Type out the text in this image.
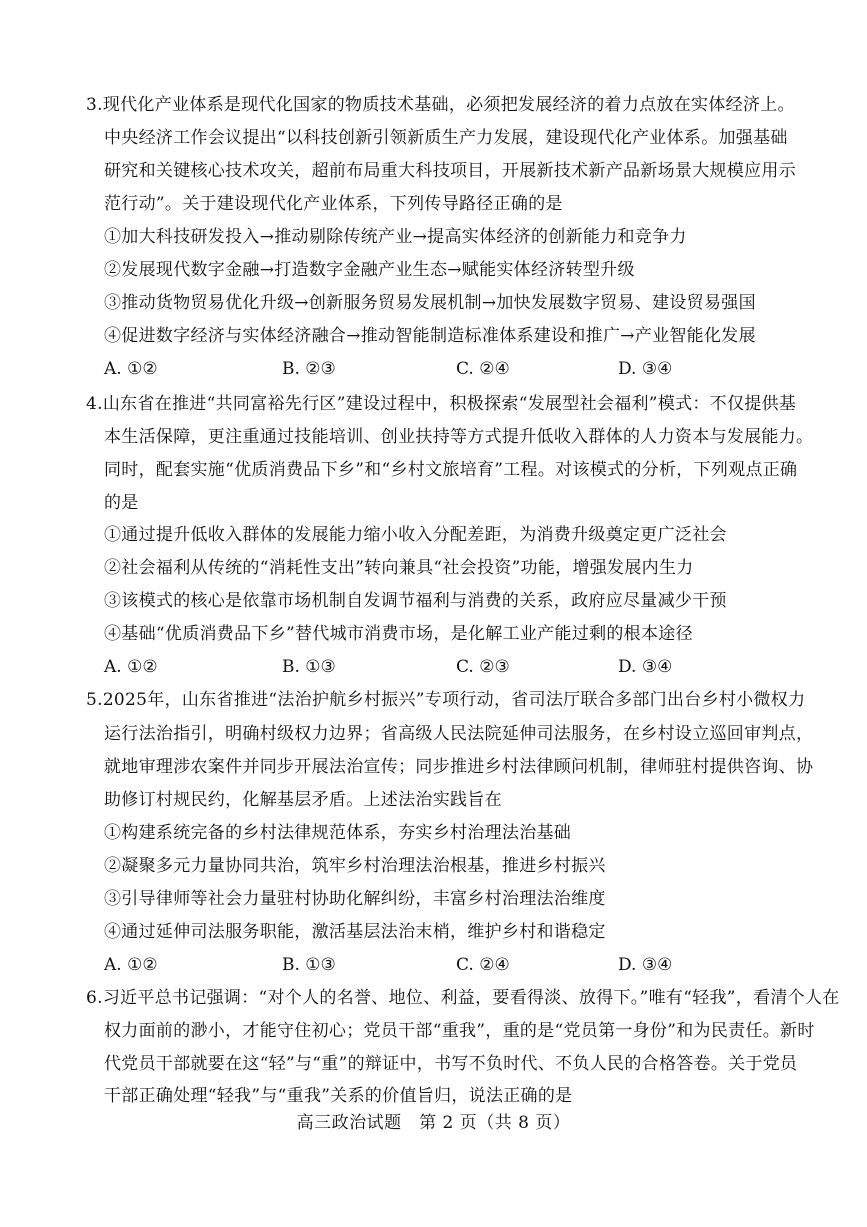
3.现代化产业体系是现代化国家的物质技术基础，必须把发展经济的着力点放在实体经济上。
中央经济工作会议提出“以科技创新引领新质生产力发展，建设现代化产业体系。加强基础
研究和关键核心技术攻关，超前布局重大科技项目，开展新技术新产品新场景大规模应用示
范行动”。关于建设现代化产业体系，下列传导路径正确的是
①加大科技研发投入→推动剔除传统产业→提高实体经济的创新能力和竞争力
②发展现代数字金融→打造数字金融产业生态→赋能实体经济转型升级
③推动货物贸易优化升级→创新服务贸易发展机制→加快发展数字贸易、建设贸易强国
④促进数字经济与实体经济融合→推动智能制造标准体系建设和推广→产业智能化发展
A. ①②	B. ②③	C. ②④	D. ③④
4.山东省在推进“共同富裕先行区”建设过程中，积极探索“发展型社会福利”模式：不仅提供基
本生活保障，更注重通过技能培训、创业扶持等方式提升低收入群体的人力资本与发展能力。
同时，配套实施“优质消费品下乡”和“乡村文旅培育”工程。对该模式的分析，下列观点正确
的是
①通过提升低收入群体的发展能力缩小收入分配差距，为消费升级奠定更广泛社会
②社会福利从传统的“消耗性支出”转向兼具“社会投资”功能，增强发展内生力
③该模式的核心是依靠市场机制自发调节福利与消费的关系，政府应尽量减少干预
④基础“优质消费品下乡”替代城市消费市场，是化解工业产能过剩的根本途径
A. ①②	B. ①③	C. ②③	D. ③④
5.2025年，山东省推进“法治护航乡村振兴”专项行动，省司法厅联合多部门出台乡村小微权力
运行法治指引，明确村级权力边界；省高级人民法院延伸司法服务，在乡村设立巡回审判点，
就地审理涉农案件并同步开展法治宣传；同步推进乡村法律顾问机制，律师驻村提供咨询、协
助修订村规民约，化解基层矛盾。上述法治实践旨在
①构建系统完备的乡村法律规范体系，夯实乡村治理法治基础
②凝聚多元力量协同共治，筑牢乡村治理法治根基，推进乡村振兴
③引导律师等社会力量驻村协助化解纠纷，丰富乡村治理法治维度
④通过延伸司法服务职能，激活基层法治末梢，维护乡村和谐稳定
A. ①②	B. ①③	C. ②④	D. ③④
6.习近平总书记强调：“对个人的名誉、地位、利益，要看得淡、放得下。”唯有“轻我”，看清个人在
权力面前的渺小，才能守住初心；党员干部“重我”，重的是“党员第一身份”和为民责任。新时
代党员干部就要在这“轻”与“重”的辩证中，书写不负时代、不负人民的合格答卷。关于党员
干部正确处理“轻我”与“重我”关系的价值旨归，说法正确的是
高三政治试题　第 2 页（共 8 页）
